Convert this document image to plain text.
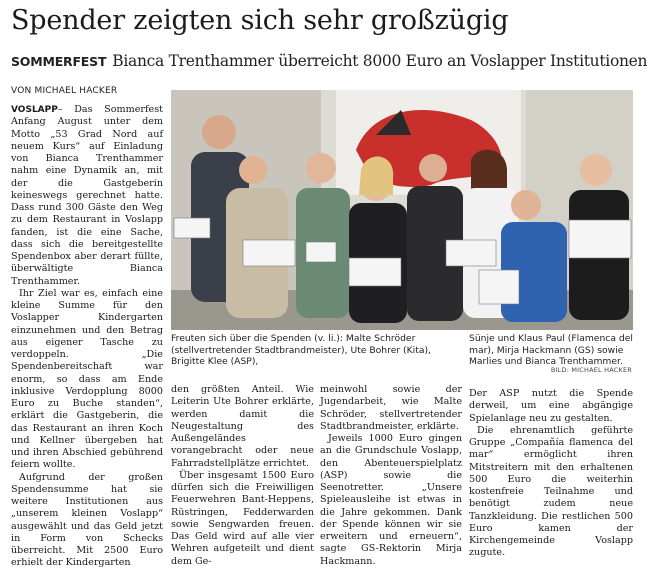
Spender zeigten sich sehr großzügig
SOMMERFEST Bianca Trenthammer überreicht 8000 Euro an Voslapper Institutionen
VON MICHAEL HACKER

VOSLAPP– Das Sommerfest Anfang August unter dem Motto „53 Grad Nord auf neuem Kurs“ auf Einladung von Bianca Trenthammer nahm eine Dynamik an, mit der die Gastgeberin keineswegs gerechnet hatte. Dass rund 300 Gäste den Weg zu dem Restaurant in Voslapp fanden, ist die eine Sache, dass sich die bereitgestellte Spendenbox aber derart füllte, überwältigte Bianca Trenthammer.

Ihr Ziel war es, einfach eine kleine Summe für den Voslapper Kindergarten einzunehmen und den Betrag aus eigener Tasche zu verdoppeln. „Die Spendenbereitschaft war enorm, so dass am Ende inklusive Verdopplung 8000 Euro zu Buche standen“, erklärt die Gastgeberin, die das Restaurant an ihren Koch und Kellner übergeben hat und ihren Abschied gebührend feiern wollte.

Aufgrund der großen Spendensumme hat sie weitere Institutionen aus „unserem kleinen Voslapp“ ausgewählt und das Geld jetzt in Form von Schecks überreicht. Mit 2500 Euro erhielt der Kindergarten

Freuten sich über die Spenden (v. li.): Malte Schröder (stellvertretender Stadtbrandmeister), Ute Bohrer (Kita), Brigitte Klee (ASP),
Sünje und Klaus Paul (Flamenca del mar), Mirja Hackmann (GS) sowie Marlies und Bianca Trenthammer.
BILD: MICHAEL HACKER

den größten Anteil. Wie Leiterin Ute Bohrer erklärte, werden damit die Neugestaltung des Außengeländes vorangebracht oder neue Fahrradstellplätze errichtet.

Über insgesamt 1500 Euro dürfen sich die Freiwilligen Feuerwehren Bant-Heppens, Rüstringen, Fedderwarden sowie Sengwarden freuen. Das Geld wird auf alle vier Wehren aufgeteilt und dient dem Ge-

meinwohl sowie der Jugendarbeit, wie Malte Schröder, stellvertretender Stadtbrandmeister, erklärte.

Jeweils 1000 Euro gingen an die Grundschule Voslapp, den Abenteuerspielplatz (ASP) sowie die Seenotretter. „Unsere Spieleausleihe ist etwas in die Jahre gekommen. Dank der Spende können wir sie erweitern und erneuern“, sagte GS-Rektorin Mirja Hackmann.

Der ASP nutzt die Spende derweil, um eine abgängige Spielanlage neu zu gestalten.

Die ehrenamtlich geführte Gruppe „Compañía flamenca del mar“ ermöglicht ihren Mitstreitern mit den erhaltenen 500 Euro die weiterhin kostenfreie Teilnahme und benötigt zudem neue Tanzkleidung. Die restlichen 500 Euro kamen der Kirchengemeinde Voslapp zugute.
